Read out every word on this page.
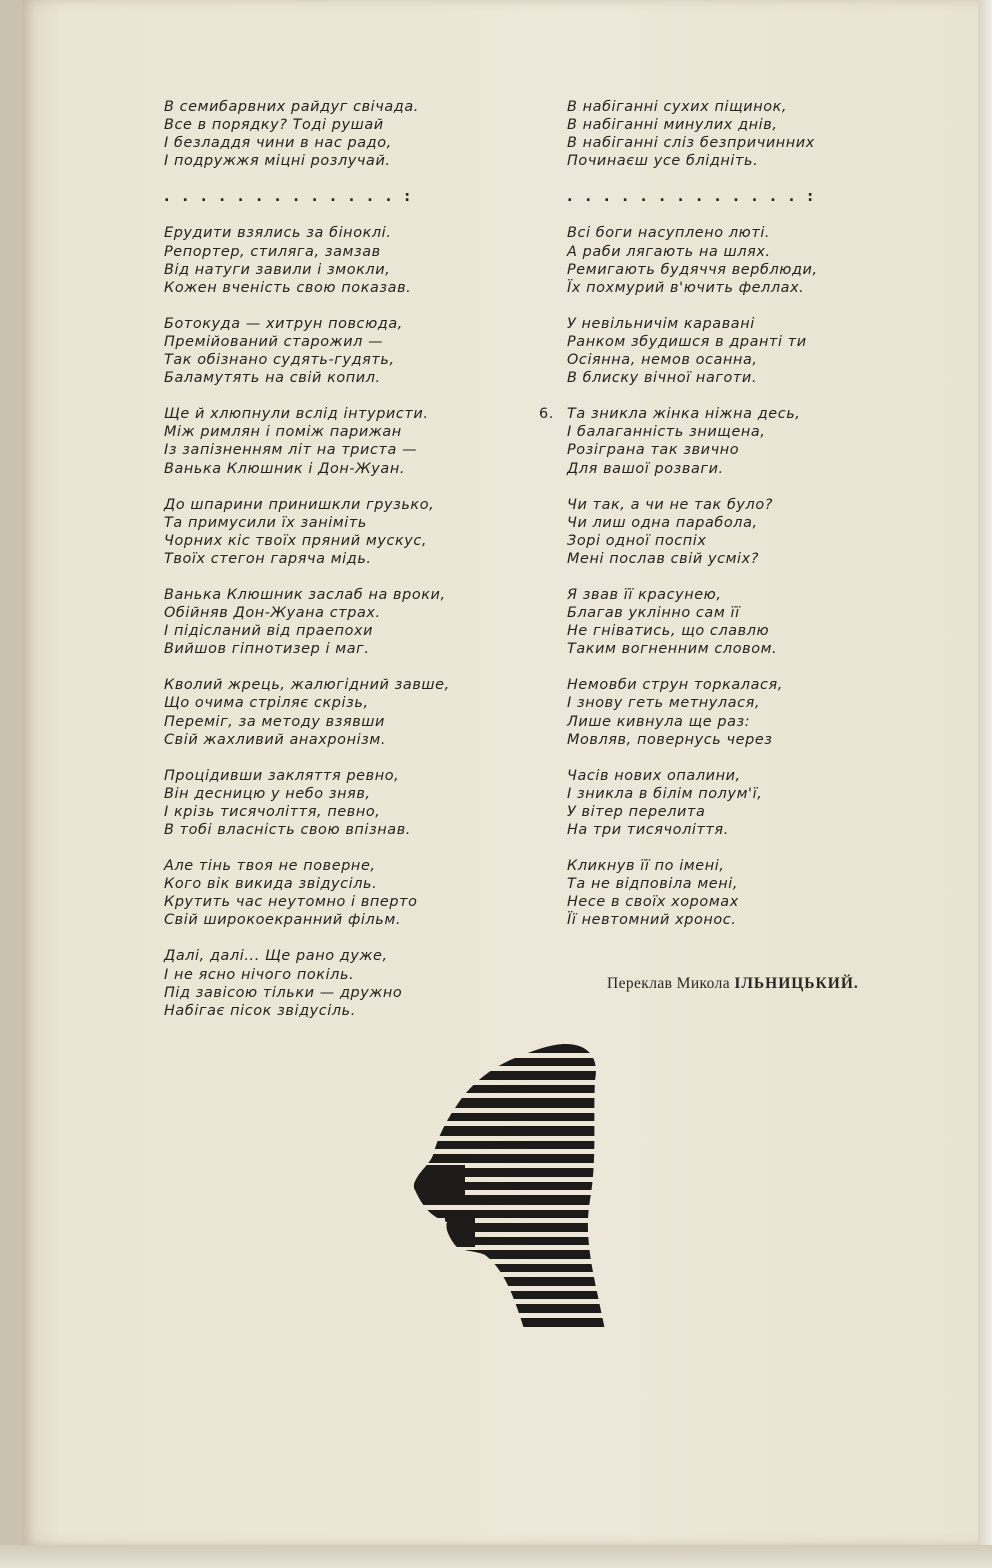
В семибарвних райдуг свічада.
Все в порядку? Тоді рушай
І безладдя чини в нас радо,
І подружжя міцні розлучай.
. . . . . . . . . . . . . :
Ерудити взялись за біноклі.
Репортер, стиляга, замзав
Від натуги завили і змокли,
Кожен вченість свою показав.
Ботокуда — хитрун повсюда,
Премійований старожил —
Так обізнано судять-гудять,
Баламутять на свій копил.
Ще й хлюпнули вслід інтуристи.
Між римлян і поміж парижан
Із запізненням літ на триста —
Ванька Клюшник і Дон-Жуан.
До шпарини принишкли грузько,
Та примусили їх заніміть
Чорних кіс твоїх пряний мускус,
Твоїх стегон гаряча мідь.
Ванька Клюшник заслаб на вроки,
Обійняв Дон-Жуана страх.
І підісланий від праепохи
Вийшов гіпнотизер і маг.
Кволий жрець, жалюгідний завше,
Що очима стріляє скрізь,
Переміг, за методу взявши
Свій жахливий анахронізм.
Процідивши закляття ревно,
Він десницю у небо зняв,
І крізь тисячоліття, певно,
В тобі власність свою впізнав.
Але тінь твоя не поверне,
Кого вік викида звідусіль.
Крутить час неутомно і вперто
Свій широкоекранний фільм.
Далі, далі... Ще рано дуже,
І не ясно нічого покіль.
Під завісою тільки — дружно
Набігає пісок звідусіль.
В набіганні сухих піщинок,
В набіганні минулих днів,
В набіганні сліз безпричинних
Починаєш усе блідніть.
. . . . . . . . . . . . . :
Всі боги насуплено люті.
А раби лягають на шлях.
Ремигають будяччя верблюди,
Їх похмурий в'ючить феллах.
У невільничім каравані
Ранком збудишся в дранті ти
Осіянна, немов осанна,
В блиску вічної наготи.
6. Та зникла жінка ніжна десь,
І балаганність знищена,
Розіграна так звично
Для вашої розваги.
Чи так, а чи не так було?
Чи лиш одна парабола,
Зорі одної поспіх
Мені послав свій усміх?
Я звав її красунею,
Благав уклінно сам її
Не гніватись, що славлю
Таким вогненним словом.
Немовби струн торкалася,
І знову геть метнулася,
Лише кивнула ще раз:
Мовляв, повернусь через
Часів нових опалини,
І зникла в білім полум'ї,
У вітер перелита
На три тисячоліття.
Кликнув її по імені,
Та не відповіла мені,
Несе в своїх хоромах
Її невтомний хронос.
Переклав Микола ІЛЬНИЦЬКИЙ.
